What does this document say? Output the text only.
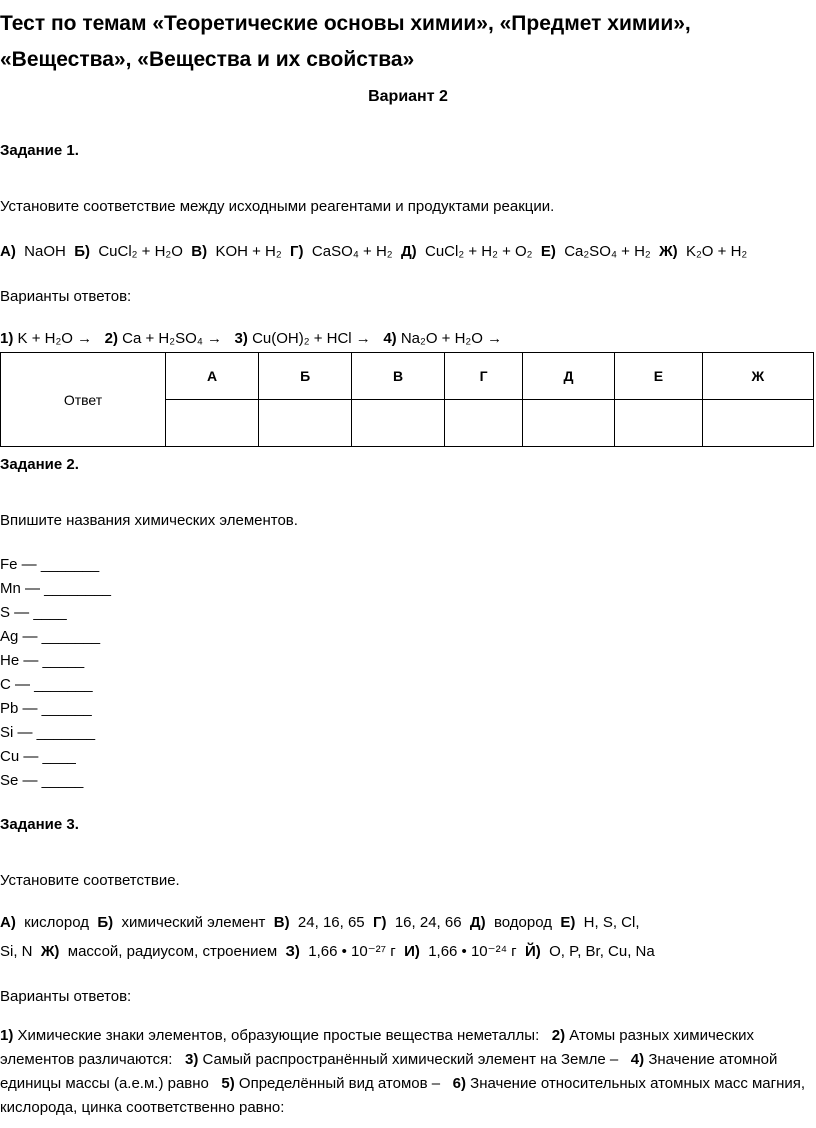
Тест по темам «Теоретические основы химии», «Предмет химии», «Вещества», «Вещества и их свойства»
Вариант 2
Задание 1.
Установите соответствие между исходными реагентами и продуктами реакции.
А) NaOH Б) CuCl₂ + H₂O В) KOH + H₂ Г) CaSO₄ + H₂ Д) CuCl₂ + H₂ + O₂ Е) Ca₂SO₄ + H₂ Ж) K₂O + H₂
Варианты ответов:
1) K + H₂O → 2) Ca + H₂SO₄ → 3) Cu(OH)₂ + HCl → 4) Na₂O + H₂O →
Ответ	А	Б	В	Г	Д	Е	Ж

Задание 2.
Впишите названия химических элементов.
Fe — _______
Mn — ________
S — ____
Ag — _______
He — _____
C — _______
Pb — ______
Si — _______
Cu — ____
Se — _____
Задание 3.
Установите соответствие.
А) кислород Б) химический элемент В) 24, 16, 65 Г) 16, 24, 66 Д) водород Е) H, S, Cl,
Si, N Ж) массой, радиусом, строением З) 1,66 • 10⁻²⁷ г И) 1,66 • 10⁻²⁴ г Й) O, P, Br, Cu, Na
Варианты ответов:
1) Химические знаки элементов, образующие простые вещества неметаллы: 2) Атомы разных химических элементов различаются: 3) Самый распространённый химический элемент на Земле – 4) Значение атомной единицы массы (а.е.м.) равно 5) Определённый вид атомов – 6) Значение относительных атомных масс магния, кислорода, цинка соответственно равно:
